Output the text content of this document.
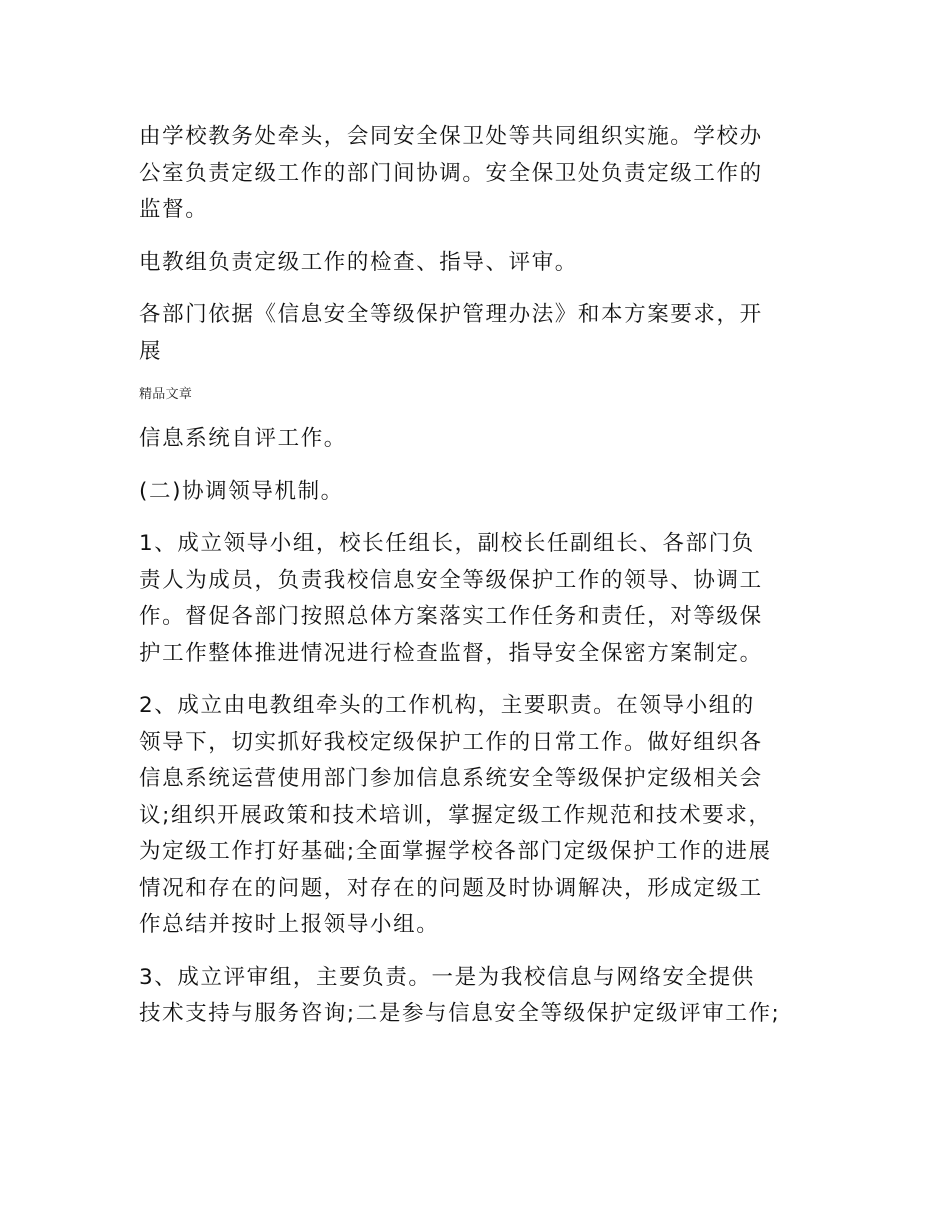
由学校教务处牵头，会同安全保卫处等共同组织实施。学校办
公室负责定级工作的部门间协调。安全保卫处负责定级工作的
监督。
电教组负责定级工作的检查、指导、评审。
各部门依据《信息安全等级保护管理办法》和本方案要求，开
展
精品文章
信息系统自评工作。
(二)协调领导机制。
1、成立领导小组，校长任组长，副校长任副组长、各部门负
责人为成员，负责我校信息安全等级保护工作的领导、协调工
作。督促各部门按照总体方案落实工作任务和责任，对等级保
护工作整体推进情况进行检查监督，指导安全保密方案制定。
2、成立由电教组牵头的工作机构，主要职责。在领导小组的
领导下，切实抓好我校定级保护工作的日常工作。做好组织各
信息系统运营使用部门参加信息系统安全等级保护定级相关会
议;组织开展政策和技术培训，掌握定级工作规范和技术要求，
为定级工作打好基础;全面掌握学校各部门定级保护工作的进展
情况和存在的问题，对存在的问题及时协调解决，形成定级工
作总结并按时上报领导小组。
3、成立评审组，主要负责。一是为我校信息与网络安全提供
技术支持与服务咨询;二是参与信息安全等级保护定级评审工作;
